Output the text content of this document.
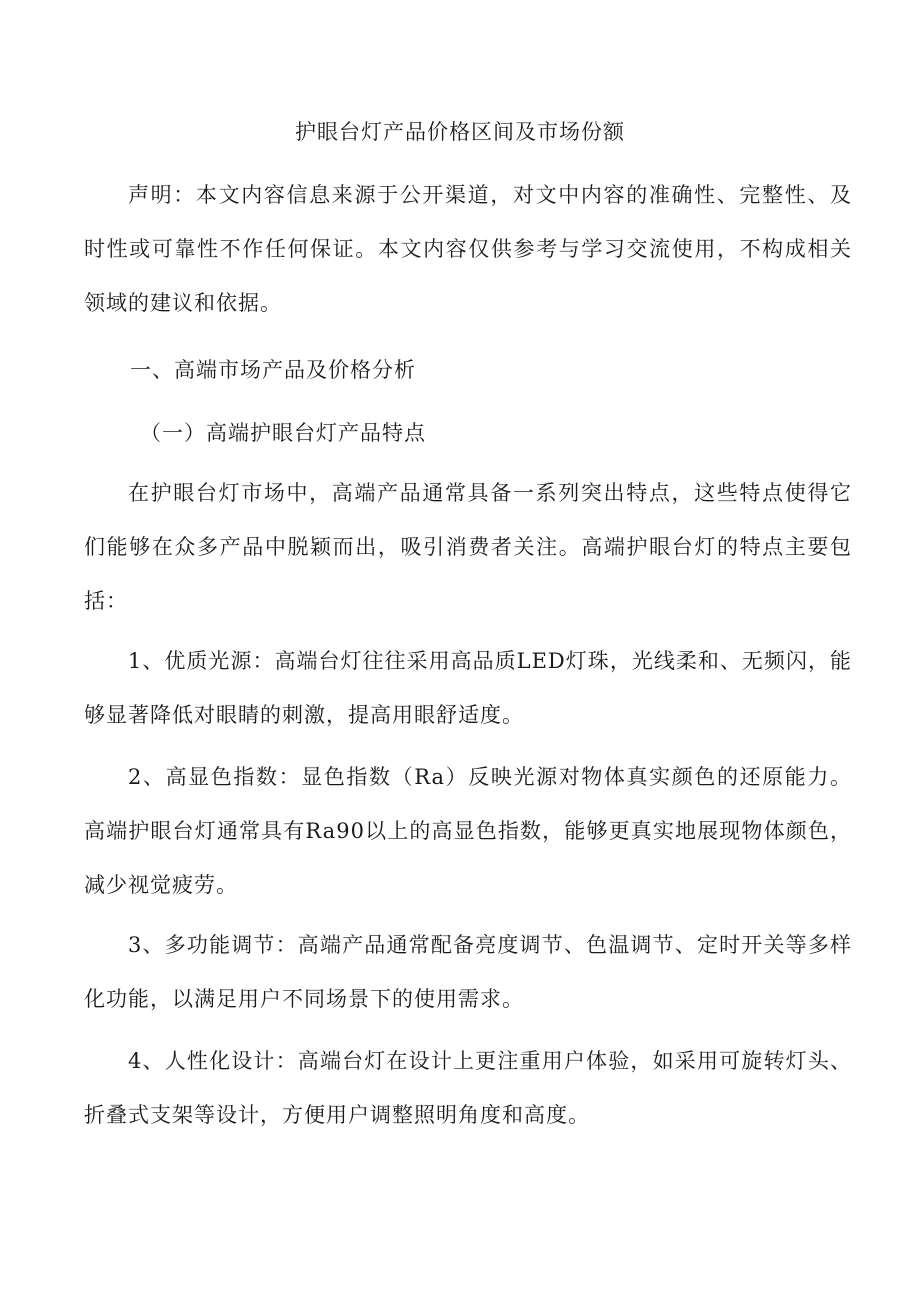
护眼台灯产品价格区间及市场份额

声明：本文内容信息来源于公开渠道，对文中内容的准确性、完整性、及时性或可靠性不作任何保证。本文内容仅供参考与学习交流使用，不构成相关领域的建议和依据。

一、高端市场产品及价格分析
（一）高端护眼台灯产品特点

在护眼台灯市场中，高端产品通常具备一系列突出特点，这些特点使得它们能够在众多产品中脱颖而出，吸引消费者关注。高端护眼台灯的特点主要包括：

1、优质光源：高端台灯往往采用高品质LED灯珠，光线柔和、无频闪，能够显著降低对眼睛的刺激，提高用眼舒适度。

2、高显色指数：显色指数（Ra）反映光源对物体真实颜色的还原能力。高端护眼台灯通常具有Ra90以上的高显色指数，能够更真实地展现物体颜色，减少视觉疲劳。

3、多功能调节：高端产品通常配备亮度调节、色温调节、定时开关等多样化功能，以满足用户不同场景下的使用需求。

4、人性化设计：高端台灯在设计上更注重用户体验，如采用可旋转灯头、折叠式支架等设计，方便用户调整照明角度和高度。
